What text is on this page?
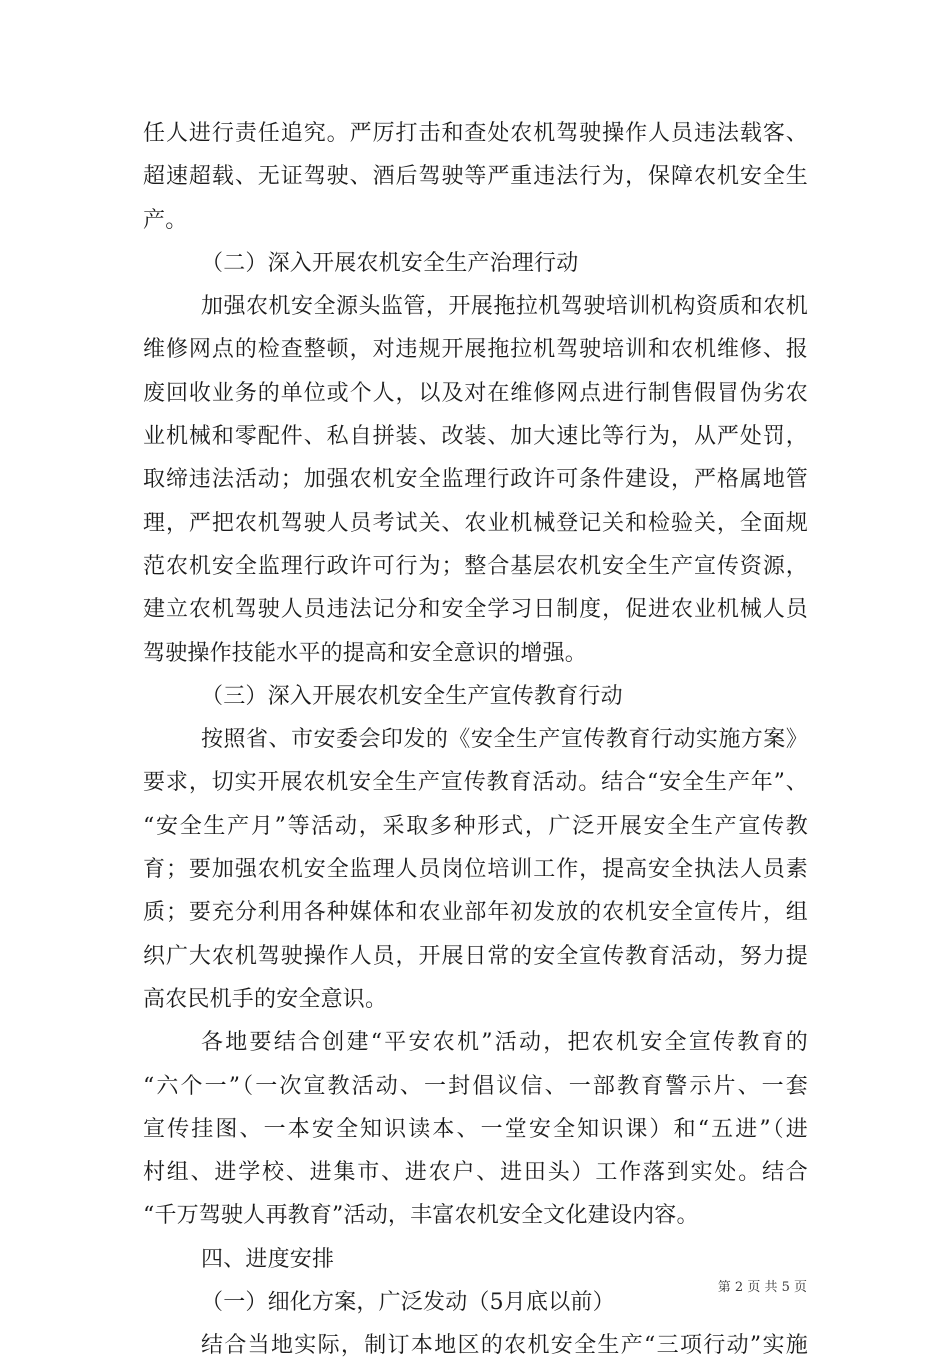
任人进行责任追究。严厉打击和查处农机驾驶操作人员违法载客、
超速超载、无证驾驶、酒后驾驶等严重违法行为，保障农机安全生
产。
（二）深入开展农机安全生产治理行动
加强农机安全源头监管，开展拖拉机驾驶培训机构资质和农机
维修网点的检查整顿，对违规开展拖拉机驾驶培训和农机维修、报
废回收业务的单位或个人，以及对在维修网点进行制售假冒伪劣农
业机械和零配件、私自拼装、改装、加大速比等行为，从严处罚，
取缔违法活动；加强农机安全监理行政许可条件建设，严格属地管
理，严把农机驾驶人员考试关、农业机械登记关和检验关，全面规
范农机安全监理行政许可行为；整合基层农机安全生产宣传资源，
建立农机驾驶人员违法记分和安全学习日制度，促进农业机械人员
驾驶操作技能水平的提高和安全意识的增强。
（三）深入开展农机安全生产宣传教育行动
按照省、市安委会印发的《安全生产宣传教育行动实施方案》
要求，切实开展农机安全生产宣传教育活动。结合“安全生产年”、
“安全生产月”等活动，采取多种形式，广泛开展安全生产宣传教
育；要加强农机安全监理人员岗位培训工作，提高安全执法人员素
质；要充分利用各种媒体和农业部年初发放的农机安全宣传片，组
织广大农机驾驶操作人员，开展日常的安全宣传教育活动，努力提
高农民机手的安全意识。
各地要结合创建“平安农机”活动，把农机安全宣传教育的
“六个一”（一次宣教活动、一封倡议信、一部教育警示片、一套
宣传挂图、一本安全知识读本、一堂安全知识课）和“五进”（进
村组、进学校、进集市、进农户、进田头）工作落到实处。结合
“千万驾驶人再教育”活动，丰富农机安全文化建设内容。
四、进度安排
（一）细化方案，广泛发动（5月底以前）
结合当地实际，制订本地区的农机安全生产“三项行动”实施
第 2 页 共 5 页
